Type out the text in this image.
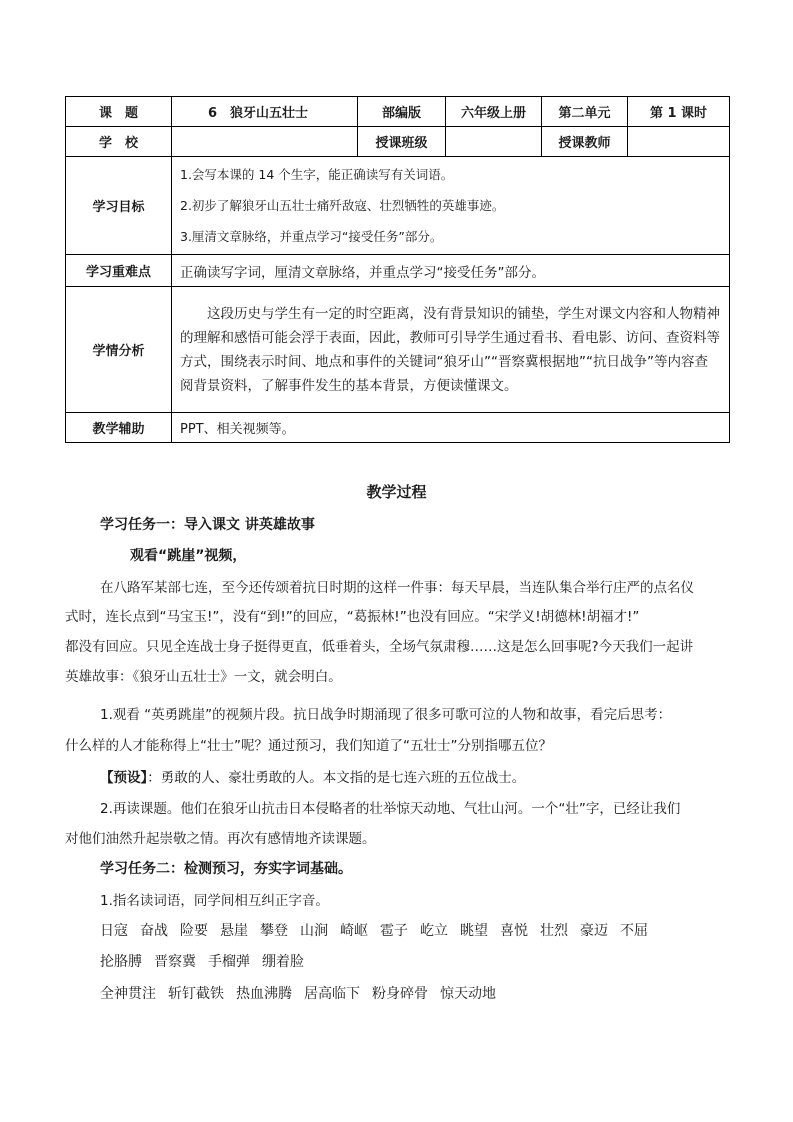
课　题	6　狼牙山五壮士	部编版	六年级上册	第二单元	第 1 课时
学　校		授课班级		授课教师	
学习目标	1.会写本课的 14 个生字，能正确读写有关词语。
2.初步了解狼牙山五壮士痛歼敌寇、壮烈牺牲的英雄事迹。
3.厘清文章脉络，并重点学习“接受任务”部分。				

学习重难点	正确读写字词，厘清文章脉络，并重点学习“接受任务”部分。				
学情分析	这段历史与学生有一定的时空距离，没有背景知识的铺垫，学生对课文内容和人物精神的理解和感悟可能会浮于表面，因此，教师可引导学生通过看书、看电影、访问、查资料等方式，围绕表示时间、地点和事件的关键词“狼牙山”“晋察冀根据地”“抗日战争”等内容查阅背景资料，了解事件发生的基本背景，方便读懂课文。				

教学辅助	PPT、相关视频等。				
教学过程
学习任务一：导入课文 讲英雄故事
观看“跳崖”视频，
在八路军某部七连，至今还传颂着抗日时期的这样一件事：每天早晨，当连队集合举行庄严的点名仪
式时，连长点到“马宝玉!”，没有“到!”的回应，“葛振林!”也没有回应。“宋学义!胡德林!胡福才!”
都没有回应。只见全连战士身子挺得更直，低垂着头，全场气氛肃穆……这是怎么回事呢?今天我们一起讲
英雄故事：《狼牙山五壮士》一文，就会明白。
1.观看 “英勇跳崖”的视频片段。抗日战争时期涌现了很多可歌可泣的人物和故事，看完后思考：
什么样的人才能称得上“壮士”呢？通过预习，我们知道了“五壮士”分别指哪五位？
【预设】：勇敢的人、豪壮勇敢的人。本文指的是七连六班的五位战士。
2.再读课题。他们在狼牙山抗击日本侵略者的壮举惊天动地、气壮山河。一个“壮”字，已经让我们
对他们油然升起崇敬之情。再次有感情地齐读课题。
学习任务二：检测预习，夯实字词基础。
1.指名读词语，同学间相互纠正字音。
日寇 奋战 险要 悬崖 攀登 山涧 崎岖 雹子 屹立 眺望 喜悦 壮烈 豪迈 不屈
抡胳膊 晋察冀 手榴弹 绷着脸
全神贯注 斩钉截铁 热血沸腾 居高临下 粉身碎骨 惊天动地
